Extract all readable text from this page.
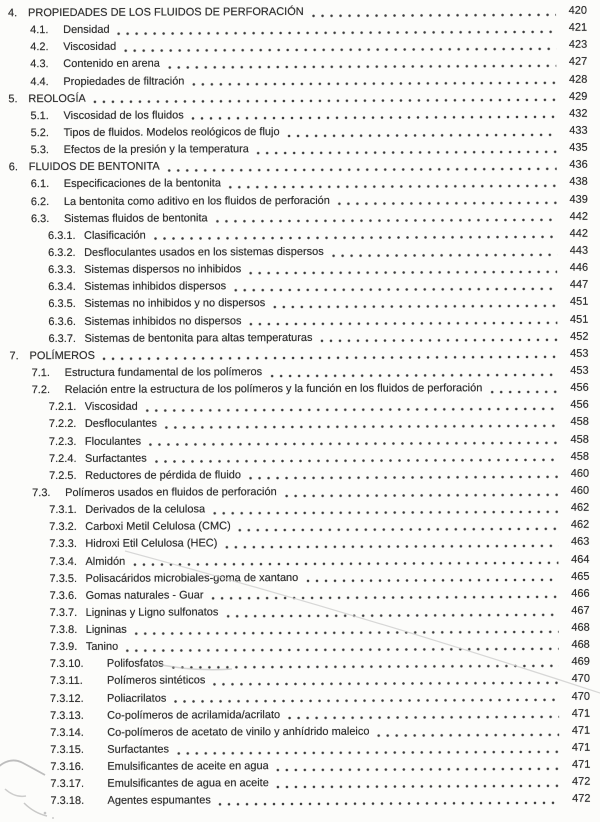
4. PROPIEDADES DE LOS FLUIDOS DE PERFORACIÓN	420
4.1.	Densidad	421
4.2.	Viscosidad	423
4.3.	Contenido en arena	427
4.4.	Propiedades de filtración	428
5. REOLOGÍA	429
5.1.	Viscosidad de los fluidos	432
5.2.	Tipos de fluidos. Modelos reológicos de flujo	433
5.3.	Efectos de la presión y la temperatura	435
6. FLUIDOS DE BENTONITA	436
6.1.	Especificaciones de la bentonita	438
6.2.	La bentonita como aditivo en los fluidos de perforación	439
6.3.	Sistemas fluidos de bentonita	442
6.3.1. Clasificación	442
6.3.2. Desfloculantes usados en los sistemas dispersos	443
6.3.3. Sistemas dispersos no inhibidos	446
6.3.4. Sistemas inhibidos dispersos	447
6.3.5. Sistemas no inhibidos y no dispersos	451
6.3.6. Sistemas inhibidos no dispersos	451
6.3.7. Sistemas de bentonita para altas temperaturas	452
7. POLÍMEROS	453
7.1.	Estructura fundamental de los polímeros	453
7.2.	Relación entre la estructura de los polímeros y la función en los fluidos de perforación	456
7.2.1. Viscosidad	456
7.2.2. Desfloculantes	458
7.2.3. Floculantes	458
7.2.4. Surfactantes	458
7.2.5. Reductores de pérdida de fluido	460
7.3.	Polímeros usados en fluidos de perforación	460
7.3.1. Derivados de la celulosa	462
7.3.2. Carboxi Metil Celulosa (CMC)	462
7.3.3. Hidroxi Etil Celulosa (HEC)	463
7.3.4. Almidón	464
7.3.5. Polisacáridos microbiales-goma de xantano	465
7.3.6. Gomas naturales - Guar	466
7.3.7. Ligninas y Ligno sulfonatos	467
7.3.8. Ligninas	468
7.3.9. Tanino	468
7.3.10.	Polifosfatos	469
7.3.11.	Polímeros sintéticos	470
7.3.12.	Poliacrilatos	470
7.3.13.	Co-polímeros de acrilamida/acrilato	471
7.3.14.	Co-polímeros de acetato de vinilo y anhídrido maleico	471
7.3.15.	Surfactantes	471
7.3.16.	Emulsificantes de aceite en agua	471
7.3.17.	Emulsificantes de agua en aceite	472
7.3.18.	Agentes espumantes	472
